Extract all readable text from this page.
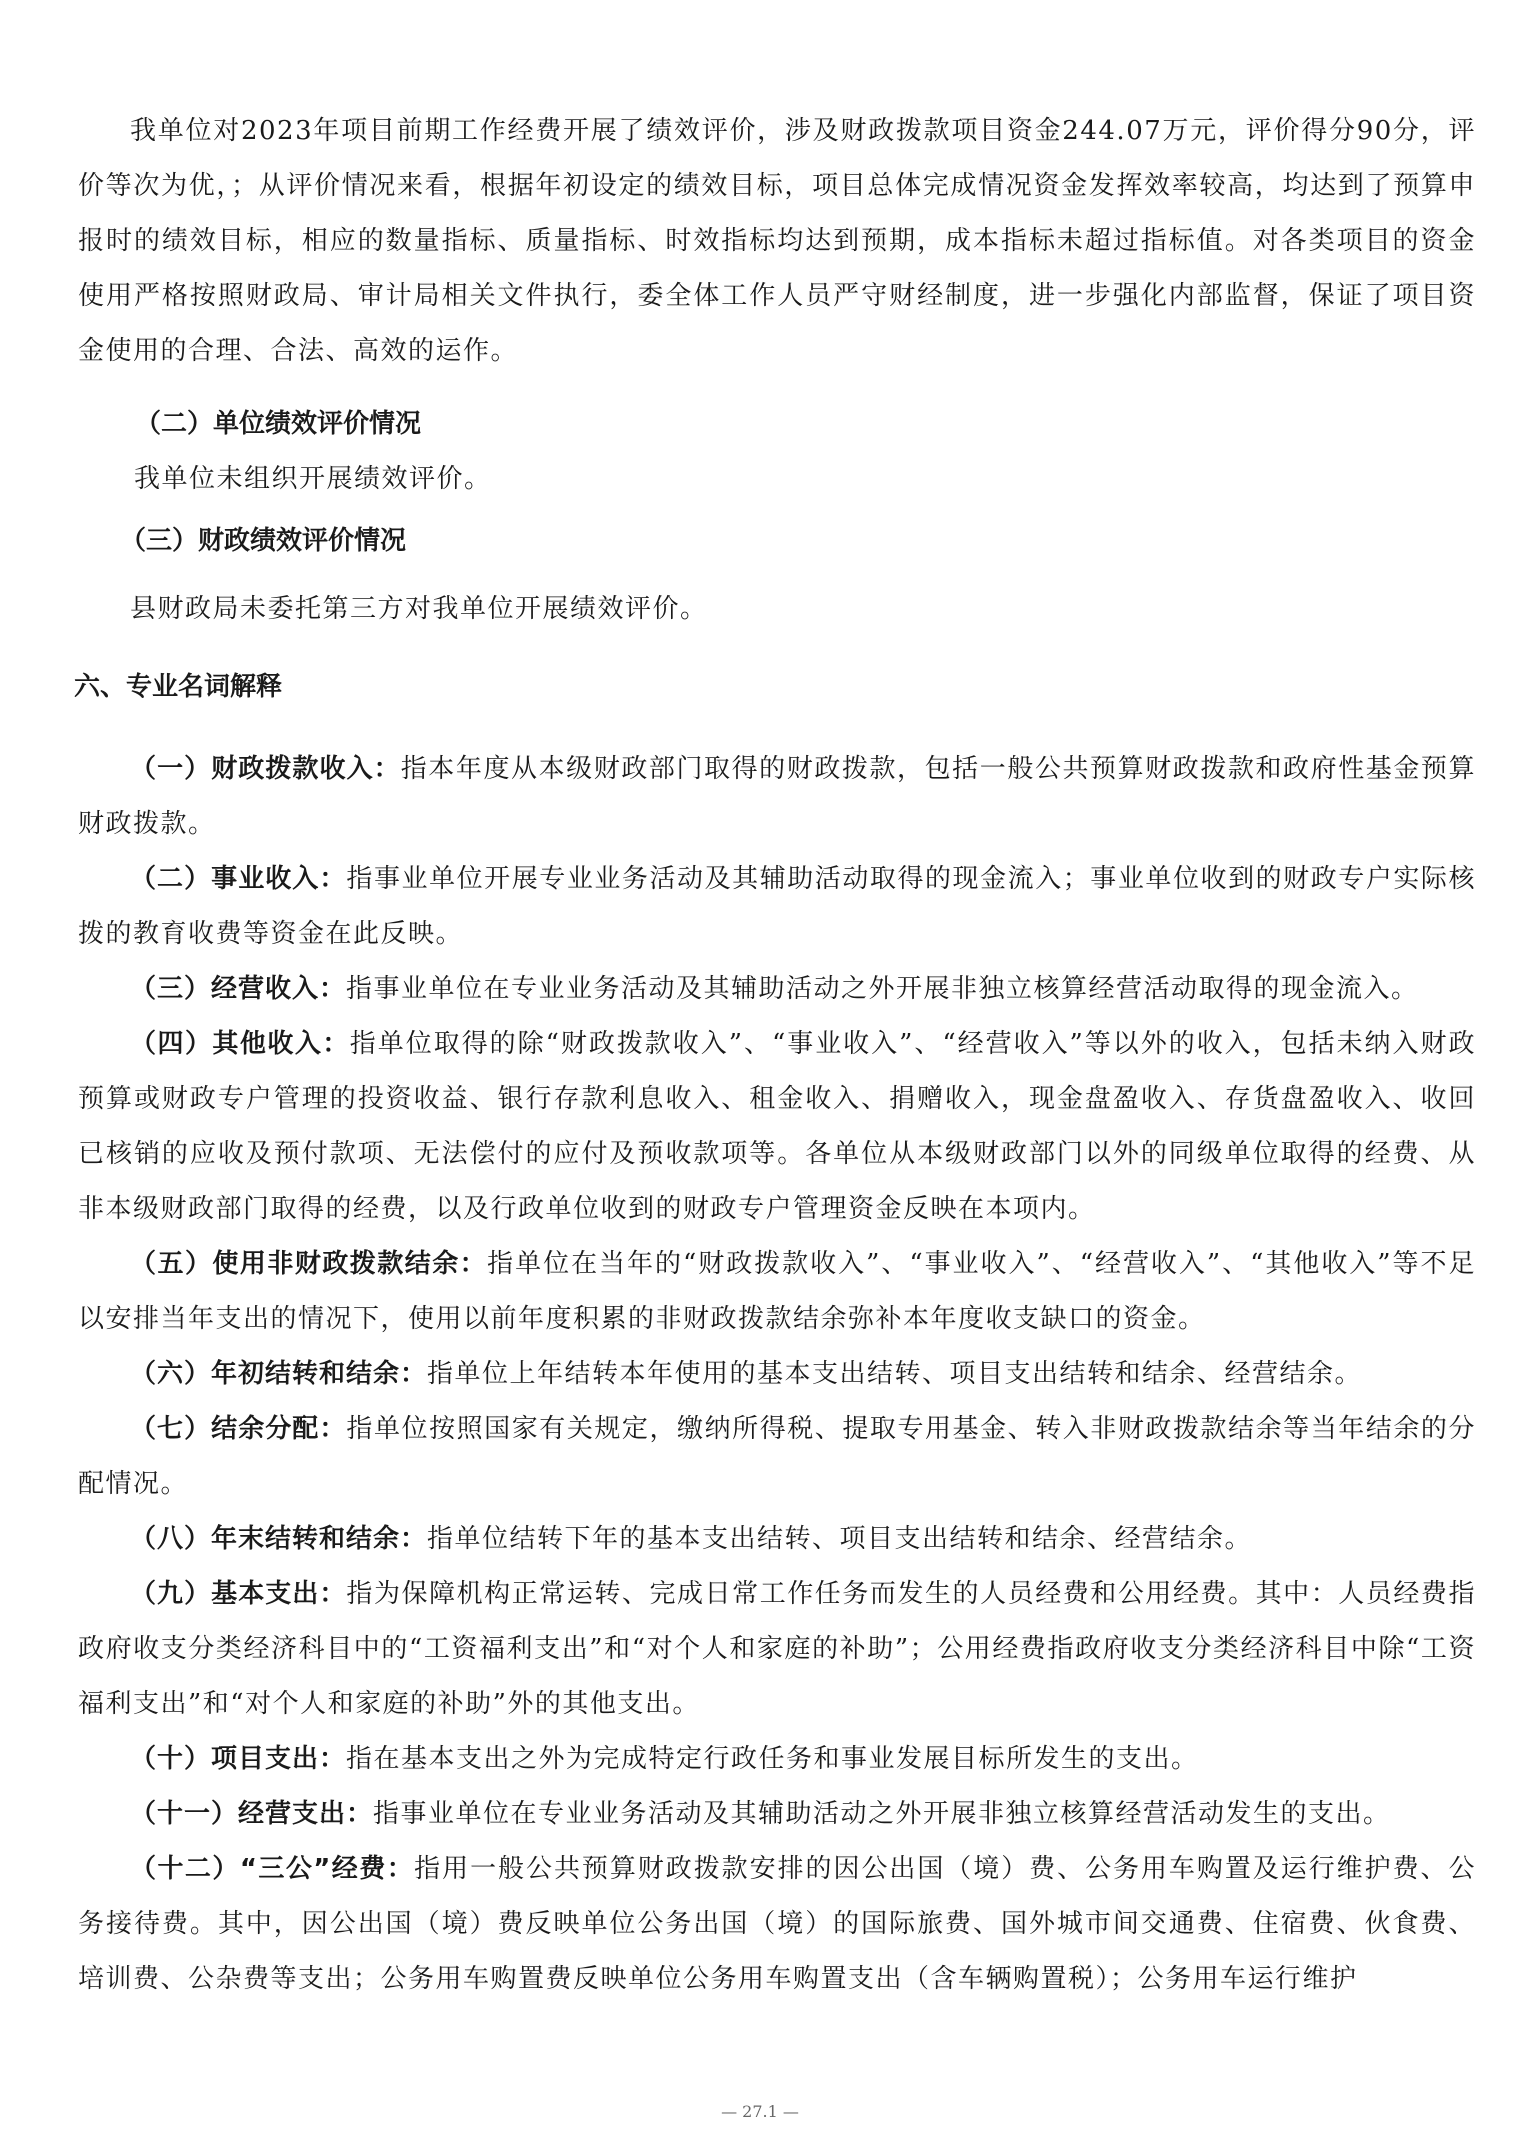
我单位对2023年项目前期工作经费开展了绩效评价，涉及财政拨款项目资金244.07万元，评价得分90分，评价等次为优，；从评价情况来看，根据年初设定的绩效目标，项目总体完成情况资金发挥效率较高，均达到了预算申报时的绩效目标，相应的数量指标、质量指标、时效指标均达到预期，成本指标未超过指标值。对各类项目的资金使用严格按照财政局、审计局相关文件执行，委全体工作人员严守财经制度，进一步强化内部监督，保证了项目资金使用的合理、合法、高效的运作。

（二）单位绩效评价情况

我单位未组织开展绩效评价。

（三）财政绩效评价情况

县财政局未委托第三方对我单位开展绩效评价。

六、专业名词解释

（一）财政拨款收入：指本年度从本级财政部门取得的财政拨款，包括一般公共预算财政拨款和政府性基金预算财政拨款。

（二）事业收入：指事业单位开展专业业务活动及其辅助活动取得的现金流入；事业单位收到的财政专户实际核拨的教育收费等资金在此反映。

（三）经营收入：指事业单位在专业业务活动及其辅助活动之外开展非独立核算经营活动取得的现金流入。

（四）其他收入：指单位取得的除“财政拨款收入”、“事业收入”、“经营收入”等以外的收入，包括未纳入财政预算或财政专户管理的投资收益、银行存款利息收入、租金收入、捐赠收入，现金盘盈收入、存货盘盈收入、收回已核销的应收及预付款项、无法偿付的应付及预收款项等。各单位从本级财政部门以外的同级单位取得的经费、从非本级财政部门取得的经费，以及行政单位收到的财政专户管理资金反映在本项内。

（五）使用非财政拨款结余：指单位在当年的“财政拨款收入”、“事业收入”、“经营收入”、“其他收入”等不足以安排当年支出的情况下，使用以前年度积累的非财政拨款结余弥补本年度收支缺口的资金。

（六）年初结转和结余：指单位上年结转本年使用的基本支出结转、项目支出结转和结余、经营结余。

（七）结余分配：指单位按照国家有关规定，缴纳所得税、提取专用基金、转入非财政拨款结余等当年结余的分配情况。

（八）年末结转和结余：指单位结转下年的基本支出结转、项目支出结转和结余、经营结余。

（九）基本支出：指为保障机构正常运转、完成日常工作任务而发生的人员经费和公用经费。其中：人员经费指政府收支分类经济科目中的“工资福利支出”和“对个人和家庭的补助”；公用经费指政府收支分类经济科目中除“工资福利支出”和“对个人和家庭的补助”外的其他支出。

（十）项目支出：指在基本支出之外为完成特定行政任务和事业发展目标所发生的支出。

（十一）经营支出：指事业单位在专业业务活动及其辅助活动之外开展非独立核算经营活动发生的支出。

（十二）“三公”经费：指用一般公共预算财政拨款安排的因公出国（境）费、公务用车购置及运行维护费、公务接待费。其中，因公出国（境）费反映单位公务出国（境）的国际旅费、国外城市间交通费、住宿费、伙食费、培训费、公杂费等支出；公务用车购置费反映单位公务用车购置支出（含车辆购置税）；公务用车运行维护

— 27.1 —
